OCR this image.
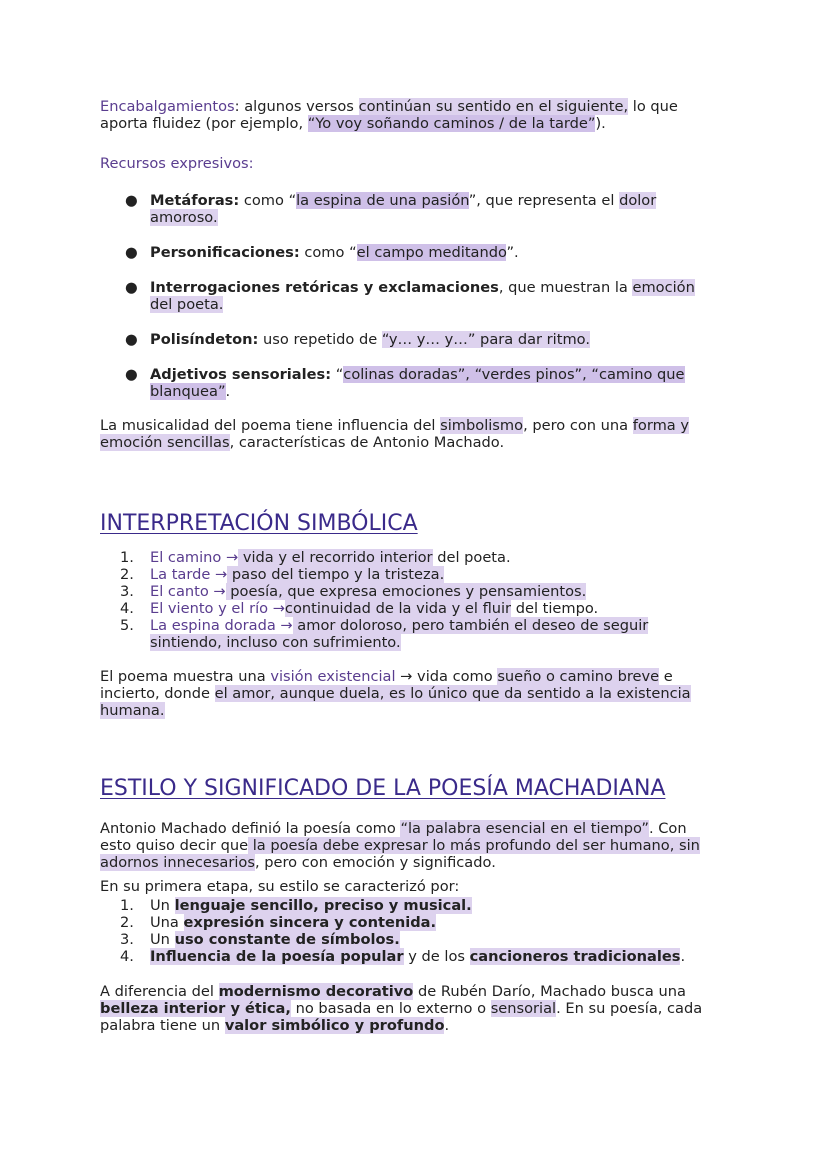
Encabalgamientos: algunos versos continúan su sentido en el siguiente, lo que aporta fluidez (por ejemplo, “Yo voy soñando caminos / de la tarde”).
Recursos expresivos:
● Metáforas: como “la espina de una pasión”, que representa el dolor amoroso.
● Personificaciones: como “el campo meditando”.
● Interrogaciones retóricas y exclamaciones, que muestran la emoción del poeta.
● Polisíndeton: uso repetido de “y… y… y…” para dar ritmo.
● Adjetivos sensoriales: “colinas doradas”, “verdes pinos”, “camino que blanquea”.
La musicalidad del poema tiene influencia del simbolismo, pero con una forma y emoción sencillas, características de Antonio Machado.
INTERPRETACIÓN SIMBÓLICA
1. El camino → vida y el recorrido interior del poeta.
2. La tarde → paso del tiempo y la tristeza.
3. El canto → poesía, que expresa emociones y pensamientos.
4. El viento y el río →continuidad de la vida y el fluir del tiempo.
5. La espina dorada → amor doloroso, pero también el deseo de seguir sintiendo, incluso con sufrimiento.
El poema muestra una visión existencial → vida como sueño o camino breve e incierto, donde el amor, aunque duela, es lo único que da sentido a la existencia humana.
ESTILO Y SIGNIFICADO DE LA POESÍA MACHADIANA
Antonio Machado definió la poesía como “la palabra esencial en el tiempo”. Con esto quiso decir que la poesía debe expresar lo más profundo del ser humano, sin adornos innecesarios, pero con emoción y significado.
En su primera etapa, su estilo se caracterizó por:
1. Un lenguaje sencillo, preciso y musical.
2. Una expresión sincera y contenida.
3. Un uso constante de símbolos.
4. Influencia de la poesía popular y de los cancioneros tradicionales.
A diferencia del modernismo decorativo de Rubén Darío, Machado busca una belleza interior y ética, no basada en lo externo o sensorial. En su poesía, cada palabra tiene un valor simbólico y profundo.
